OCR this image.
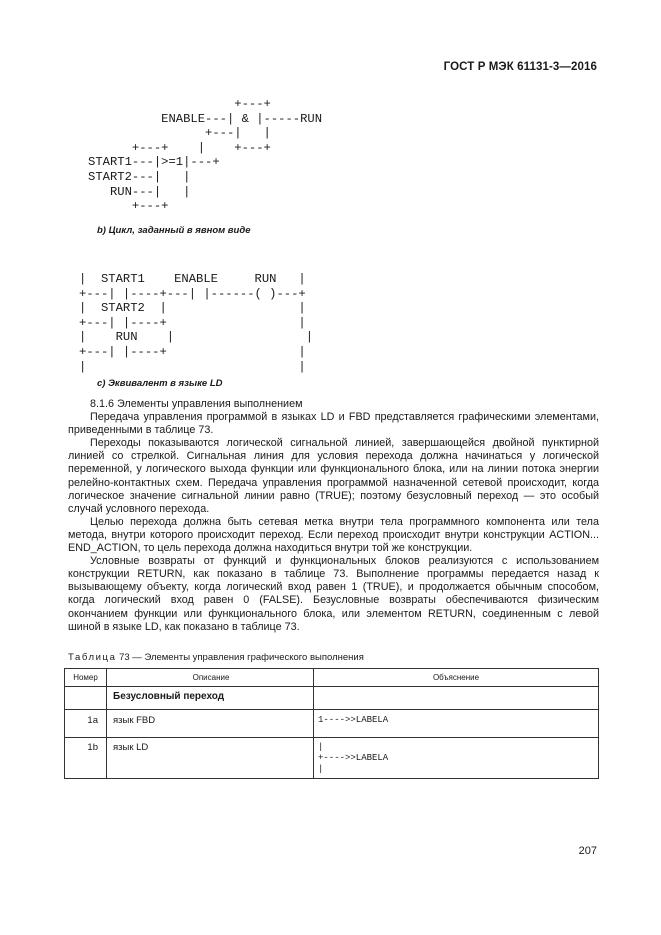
ГОСТ Р МЭК 61131-3—2016
+---+
ENABLE---| & |-----RUN
+---|   |
+---+    |    +---+
START1---|>=1|---+
START2---|   |
RUN---|   |
+---+
b) Цикл, заданный в явном виде
|  START1    ENABLE     RUN   |
+---| |----+---| |------( )---+
|  START2  |                  |
+---| |----+                  |
|    RUN    |                  |
+---| |----+                  |
|                             |
c) Эквивалент в языке LD

8.1.6 Элементы управления выполнением

Передача управления программой в языках LD и FBD представляется графическими элементами, приведенными в таблице 73.

Переходы показываются логической сигнальной линией, завершающейся двойной пунктирной линией со стрелкой. Сигнальная линия для условия перехода должна начинаться у логической переменной, у логического выхода функции или функционального блока, или на линии потока энергии релейно-контактных схем. Передача управления программой назначенной сетевой происходит, когда логическое значение сигнальной линии равно (TRUE); поэтому безусловный переход — это особый случай условного перехода.

Целью перехода должна быть сетевая метка внутри тела программного компонента или тела метода, внутри которого происходит переход. Если переход происходит внутри конструкции ACTION... END_ACTION, то цель перехода должна находиться внутри той же конструкции.

Условные возвраты от функций и функциональных блоков реализуются с использованием конструкции RETURN, как показано в таблице 73. Выполнение программы передается назад к вызывающему объекту, когда логический вход равен 1 (TRUE), и продолжается обычным способом, когда логический вход равен 0 (FALSE). Безусловные возвраты обеспечиваются физическим окончанием функции или функционального блока, или элементом RETURN, соединенным с левой шиной в языке LD, как показано в таблице 73.

Таблица 73 — Элементы управления графического выполнения
Номер	Описание	Объяснение
	Безусловный переход	
1a	язык FBD	1---->>LABELA
1b	язык LD	|
+---->>LABELA
|
207
